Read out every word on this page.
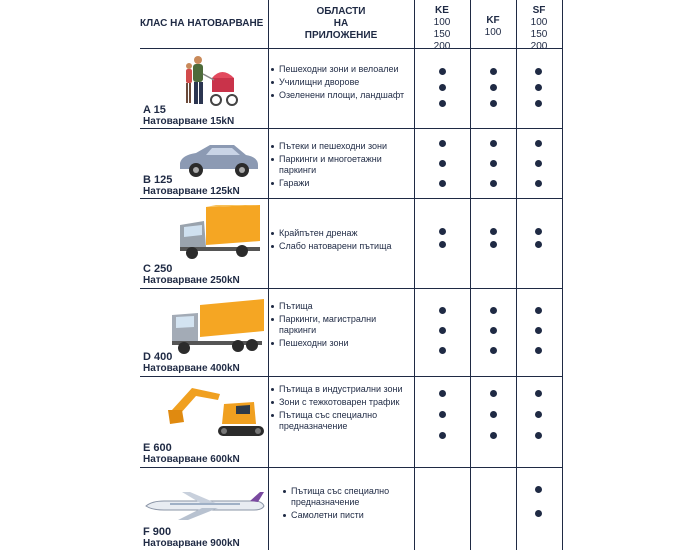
КЛАС НА НАТОВАРВАНЕ
ОБЛАСТИ
НА
ПРИЛОЖЕНИЕ
KE
100
150
200
KF
100
SF
100
150
200
A 15
Натоварване 15kN
B 125
Натоварване 125kN
C 250
Натоварване 250kN
D 400
Натоварване 400kN
E 600
Натоварване 600kN
F 900
Натоварване 900kN
Пешеходни зони и велоалеи
Училищни дворове
Озеленени площи, ландшафт
Пътеки и пешеходни зони
Паркинги и многоетажни паркинги
Гаражи
Крайпътен дренаж
Слабо натоварени пътища
Пътища
Паркинги, магистрални паркинги
Пешеходни зони
Пътища в индустриални зони
Зони с тежкотоварен трафик
Пътища със специално предназначение
Пътища със специално предназначение
Самолетни писти
